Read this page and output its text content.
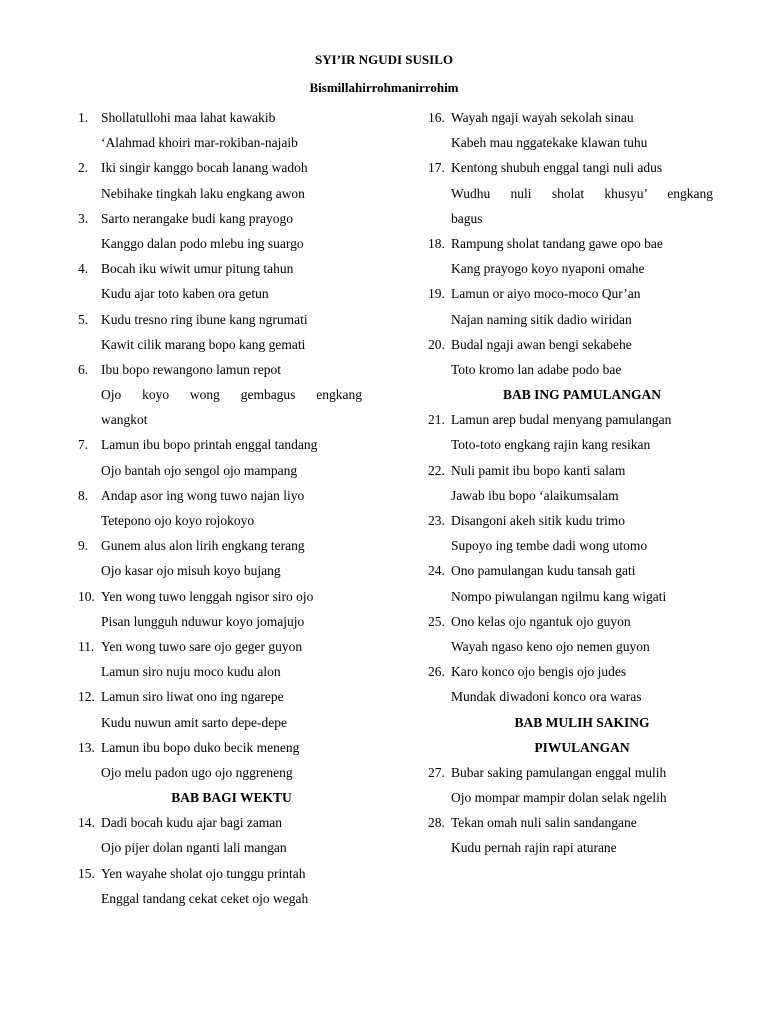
SYI’IR NGUDI SUSILO
Bismillahirrohmanirrohim
1. Shollatullohi maa lahat kawakib
‘Alahmad khoiri mar-rokiban-najaib
2. Iki singir kanggo bocah lanang wadoh
Nebihake tingkah laku engkang awon
3. Sarto nerangake budi kang prayogo
Kanggo dalan podo mlebu ing suargo
4. Bocah iku wiwit umur pitung tahun
Kudu ajar toto kaben ora getun
5. Kudu tresno ring ibune kang ngrumati
Kawit cilik marang bopo kang gemati
6. Ibu bopo rewangono lamun repot
Ojo koyo wong gembagus engkang
wangkot
7. Lamun ibu bopo printah enggal tandang
Ojo bantah ojo sengol ojo mampang
8. Andap asor ing wong tuwo najan liyo
Tetepono ojo koyo rojokoyo
9. Gunem alus alon lirih engkang terang
Ojo kasar ojo misuh koyo bujang
10. Yen wong tuwo lenggah ngisor siro ojo
Pisan lungguh nduwur koyo jomajujo
11. Yen wong tuwo sare ojo geger guyon
Lamun siro nuju moco kudu alon
12. Lamun siro liwat ono ing ngarepe
Kudu nuwun amit sarto depe-depe
13. Lamun ibu bopo duko becik meneng
Ojo melu padon ugo ojo nggreneng
BAB BAGI WEKTU
14. Dadi bocah kudu ajar bagi zaman
Ojo pijer dolan nganti lali mangan
15. Yen wayahe sholat ojo tunggu printah
Enggal tandang cekat ceket ojo wegah
16. Wayah ngaji wayah sekolah sinau
Kabeh mau nggatekake klawan tuhu
17. Kentong shubuh enggal tangi nuli adus
Wudhu nuli sholat khusyu’ engkang
bagus
18. Rampung sholat tandang gawe opo bae
Kang prayogo koyo nyaponi omahe
19. Lamun or aiyo moco-moco Qur’an
Najan naming sitik dadio wiridan
20. Budal ngaji awan bengi sekabehe
Toto kromo lan adabe podo bae
BAB ING PAMULANGAN
21. Lamun arep budal menyang pamulangan
Toto-toto engkang rajin kang resikan
22. Nuli pamit ibu bopo kanti salam
Jawab ibu bopo ‘alaikumsalam
23. Disangoni akeh sitik kudu trimo
Supoyo ing tembe dadi wong utomo
24. Ono pamulangan kudu tansah gati
Nompo piwulangan ngilmu kang wigati
25. Ono kelas ojo ngantuk ojo guyon
Wayah ngaso keno ojo nemen guyon
26. Karo konco ojo bengis ojo judes
Mundak diwadoni konco ora waras
BAB MULIH SAKING
PIWULANGAN
27. Bubar saking pamulangan enggal mulih
Ojo mompar mampir dolan selak ngelih
28. Tekan omah nuli salin sandangane
Kudu pernah rajin rapi aturane
